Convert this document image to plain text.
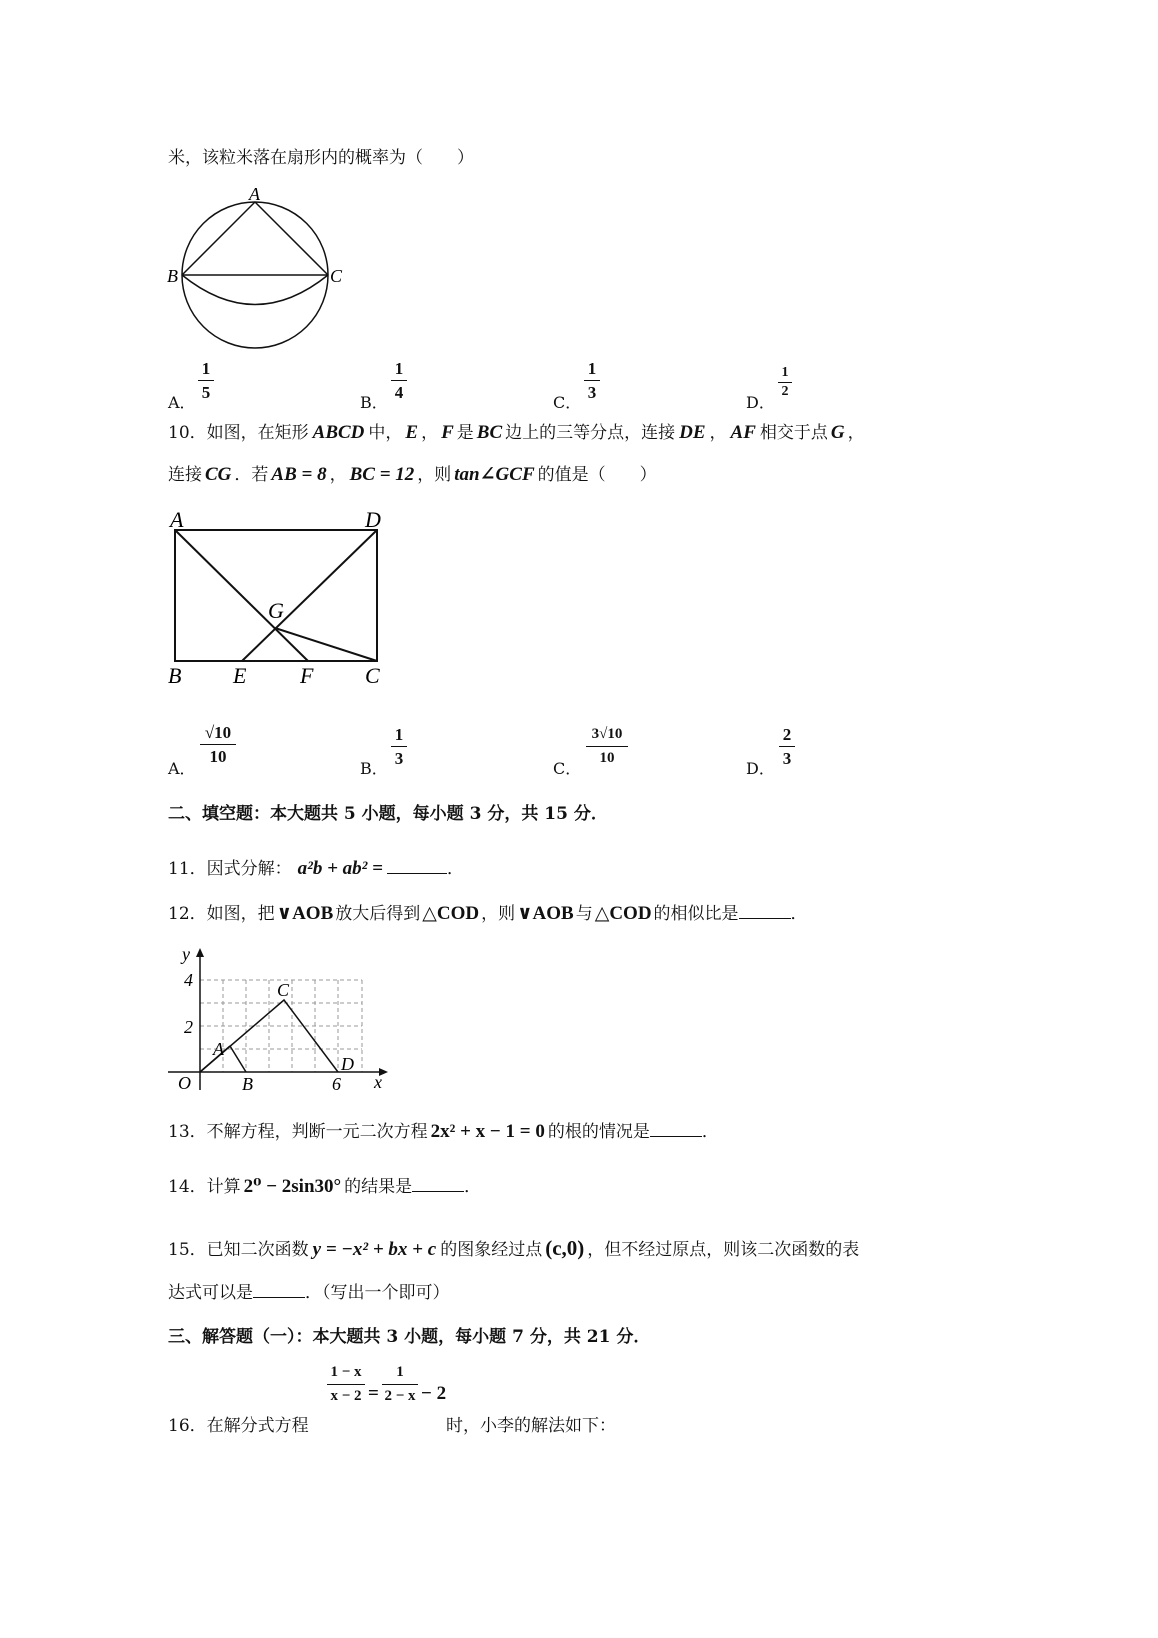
米，该粒米落在扇形内的概率为（　　）
A
B	C
A．
1
5
B．
1
4
C．
1
3
D．
1
2
10．如图，在矩形 ABCD 中， E ， F 是 BC 边上的三等分点，连接 DE ， AF 相交于点 G ，
连接 CG ．若 AB = 8 ， BC = 12 ，则 tan∠GCF 的值是（　　）
A	D
G
B E F C
A．
√10
10
B．
1
3
C．
3√10
10
D．
2
3
二、填空题：本大题共 5 小题，每小题 3 分，共 15 分．
11．因式分解： a²b + ab² =	．
12．如图，把 ∨AOB 放大后得到 △COD ，则 ∨AOB 与 △COD 的相似比是	．
y
4
2
O
A
B
C
D
6 x
13．不解方程，判断一元二次方程 2x² + x − 1 = 0 的根的情况是	．
14．计算 2⁰ − 2sin30° 的结果是	．
15．已知二次函数 y = −x² + bx + c 的图象经过点 (c,0) ，但不经过原点，则该二次函数的表
达式可以是	．（写出一个即可）
三、解答题（一）：本大题共 3 小题，每小题 7 分，共 21 分．
16．在解分式方程
1 − x
x − 2 =
1
2 − x − 2
时，小李的解法如下：
